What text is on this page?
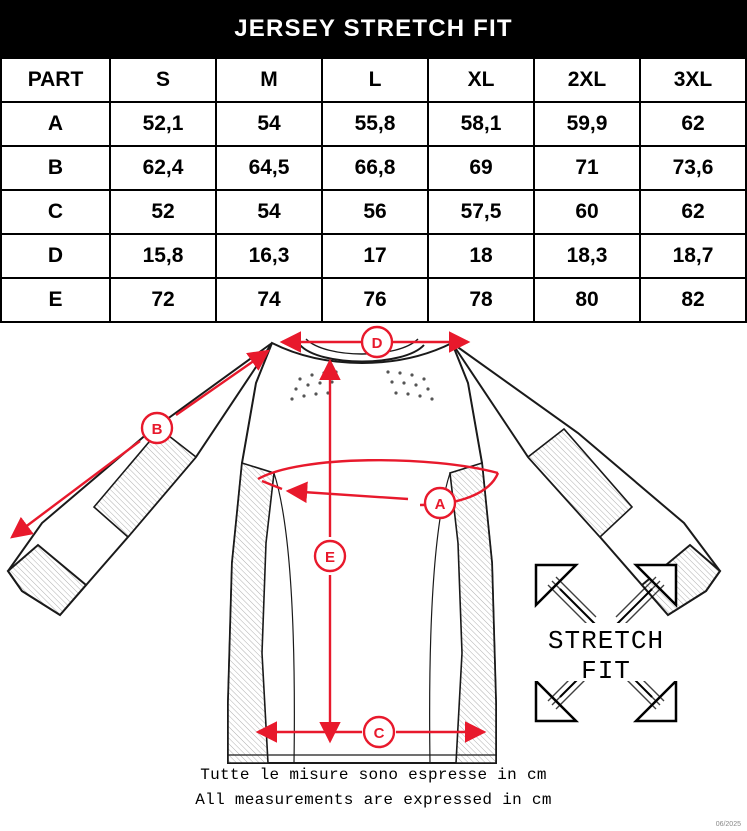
JERSEY STRETCH FIT
PART	S	M	L	XL	2XL	3XL
A	52,1	54	55,8	58,1	59,9	62
B	62,4	64,5	66,8	69	71	73,6
C	52	54	56	57,5	60	62
D	15,8	16,3	17	18	18,3	18,7
E	72	74	76	78	80	82
D
B
A
E
C
STRETCH
FIT
Tutte le misure sono espresse in cm
All measurements are expressed in cm
06/2025
